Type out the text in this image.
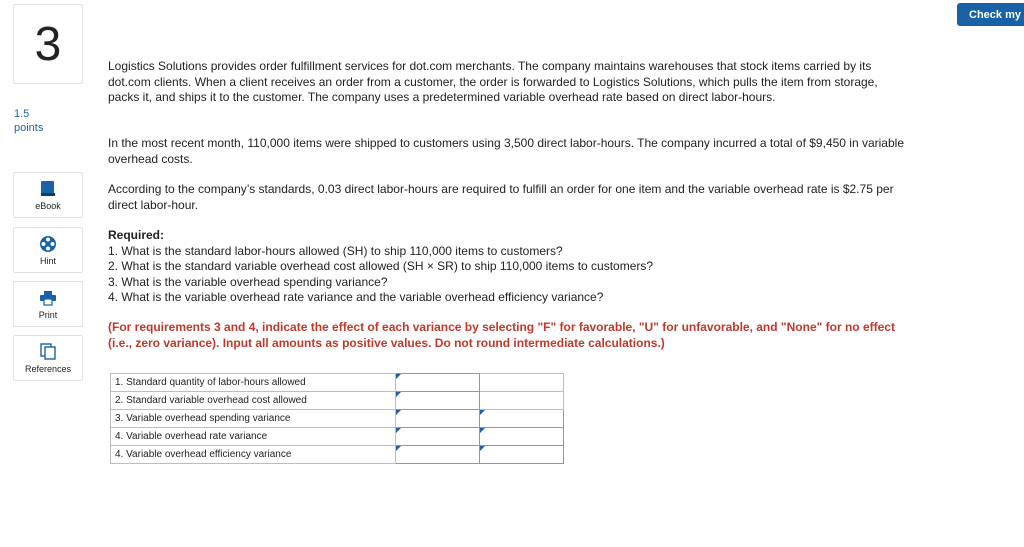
3
1.5
points
eBook
Hint
Print
References
Check my

Logistics Solutions provides order fulfillment services for dot.com merchants. The company maintains warehouses that stock items carried by its dot.com clients. When a client receives an order from a customer, the order is forwarded to Logistics Solutions, which pulls the item from storage, packs it, and ships it to the customer. The company uses a predetermined variable overhead rate based on direct labor-hours.

In the most recent month, 110,000 items were shipped to customers using 3,500 direct labor-hours. The company incurred a total of $9,450 in variable overhead costs.

According to the company’s standards, 0.03 direct labor-hours are required to fulfill an order for one item and the variable overhead rate is $2.75 per direct labor-hour.

Required:
1. What is the standard labor-hours allowed (SH) to ship 110,000 items to customers?
2. What is the standard variable overhead cost allowed (SH × SR) to ship 110,000 items to customers?
3. What is the variable overhead spending variance?
4. What is the variable overhead rate variance and the variable overhead efficiency variance?

(For requirements 3 and 4, indicate the effect of each variance by selecting "F" for favorable, "U" for unfavorable, and "None" for no effect (i.e., zero variance). Input all amounts as positive values. Do not round intermediate calculations.)

1. Standard quantity of labor-hours allowed	

2. Standard variable overhead cost allowed	

3. Variable overhead spending variance	

4. Variable overhead rate variance	

4. Variable overhead efficiency variance	
